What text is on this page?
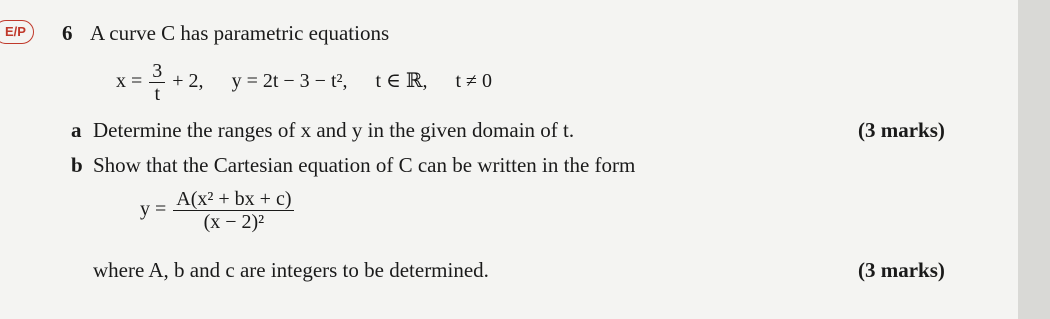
E/P	6 A curve C has parametric equations
$x = \frac{3}{t} + 2$, y = 2t − 3 − t², t ∈ ℝ, t ≠ 0
a Determine the ranges of x and y in the given domain of t.	(3 marks)
b Show that the Cartesian equation of C can be written in the form
$y = \frac{\text{A(x² + bx + c)}}{\text{(x − 2)²}}$
where A, b and c are integers to be determined.	(3 marks)
